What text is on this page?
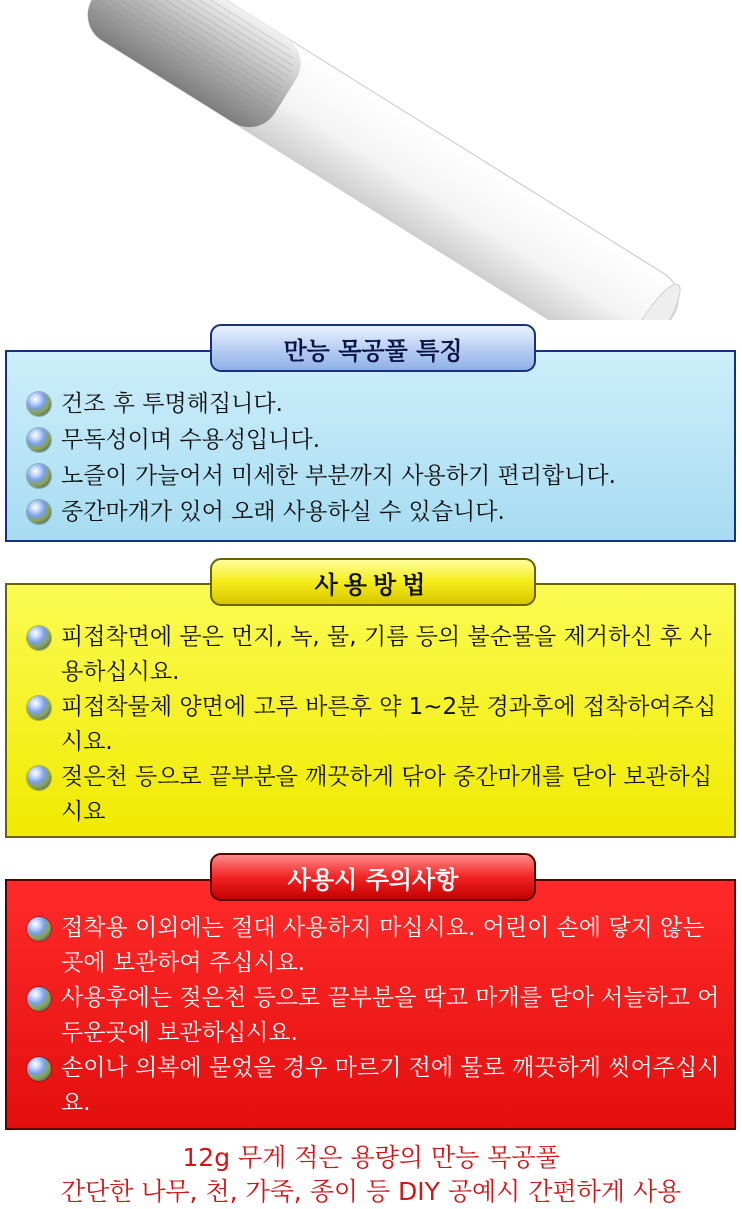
건조 후 투명해집니다.
무독성이며 수용성입니다.
노즐이 가늘어서 미세한 부분까지 사용하기 편리합니다.
중간마개가 있어 오래 사용하실 수 있습니다.
만능 목공풀 특징
피접착면에 묻은 먼지, 녹, 물, 기름 등의 불순물을 제거하신 후 사용하십시요.
피접착물체 양면에 고루 바른후 약 1~2분 경과후에 접착하여주십시요.
젖은천 등으로 끝부분을 깨끗하게 닦아 중간마개를 닫아 보관하십시요
사용방법
접착용 이외에는 절대 사용하지 마십시요. 어린이 손에 닿지 않는 곳에 보관하여 주십시요.
사용후에는 젖은천 등으로 끝부분을 딱고 마개를 닫아 서늘하고 어두운곳에 보관하십시요.
손이나 의복에 묻었을 경우 마르기 전에 물로 깨끗하게 씻어주십시요.
사용시 주의사항
12g 무게 적은 용량의 만능 목공풀
간단한 나무, 천, 가죽, 종이 등 DIY 공예시 간편하게 사용
